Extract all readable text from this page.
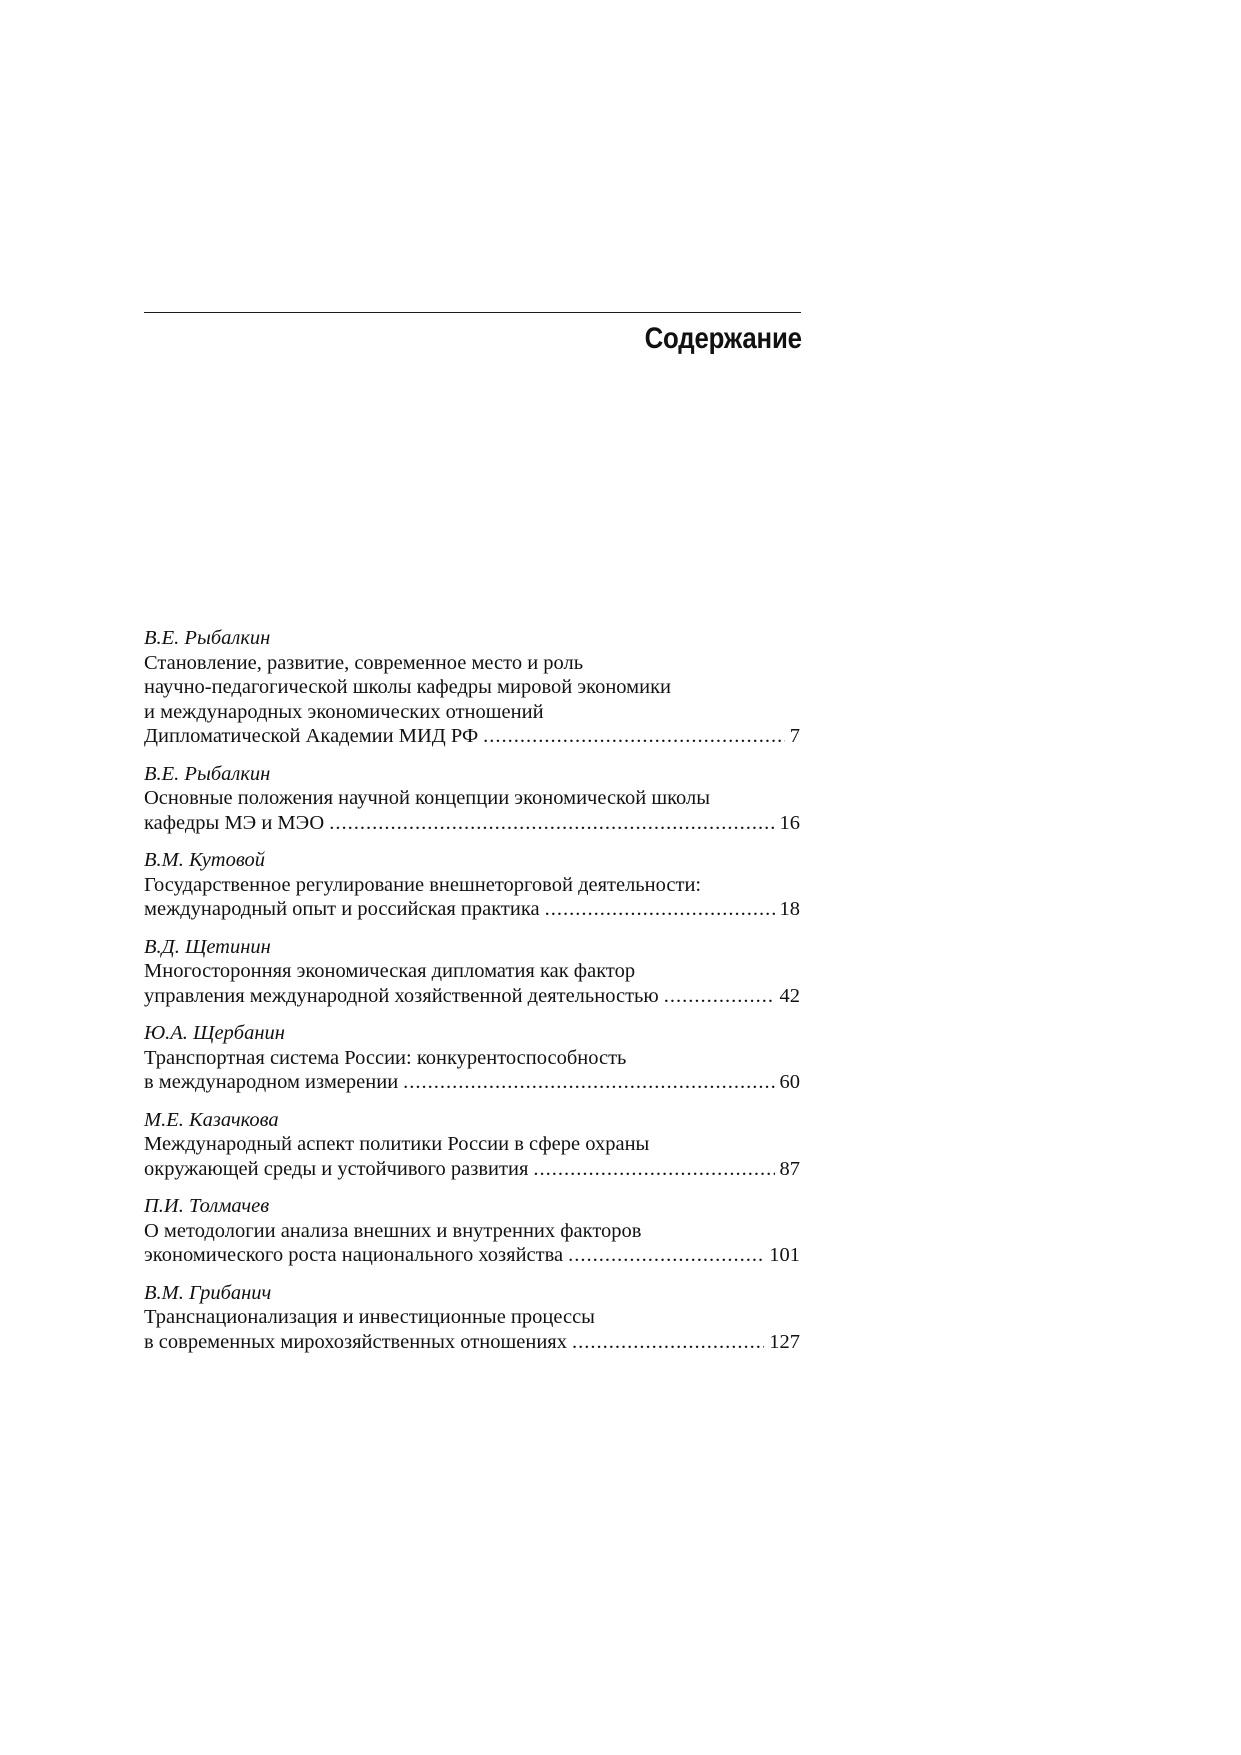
Содержание
В.Е. Рыбалкин
Становление, развитие, современное место и роль
научно-педагогической школы кафедры мировой экономики
и международных экономических отношений
Дипломатической Академии МИД РФ .....	7
В.Е. Рыбалкин
Основные положения научной концепции экономической школы
кафедры МЭ и МЭО .....	16
В.М. Кутовой
Государственное регулирование внешнеторговой деятельности:
международный опыт и российская практика .....	18
В.Д. Щетинин
Многосторонняя экономическая дипломатия как фактор
управления международной хозяйственной деятельностью .....	42
Ю.А. Щербанин
Транспортная система России: конкурентоспособность
в международном измерении .....	60
М.Е. Казачкова
Международный аспект политики России в сфере охраны
окружающей среды и устойчивого развития .....	87
П.И. Толмачев
О методологии анализа внешних и внутренних факторов
экономического роста национального хозяйства .....	101
В.М. Грибанич
Транснационализация и инвестиционные процессы
в современных мирохозяйственных отношениях .....	127
